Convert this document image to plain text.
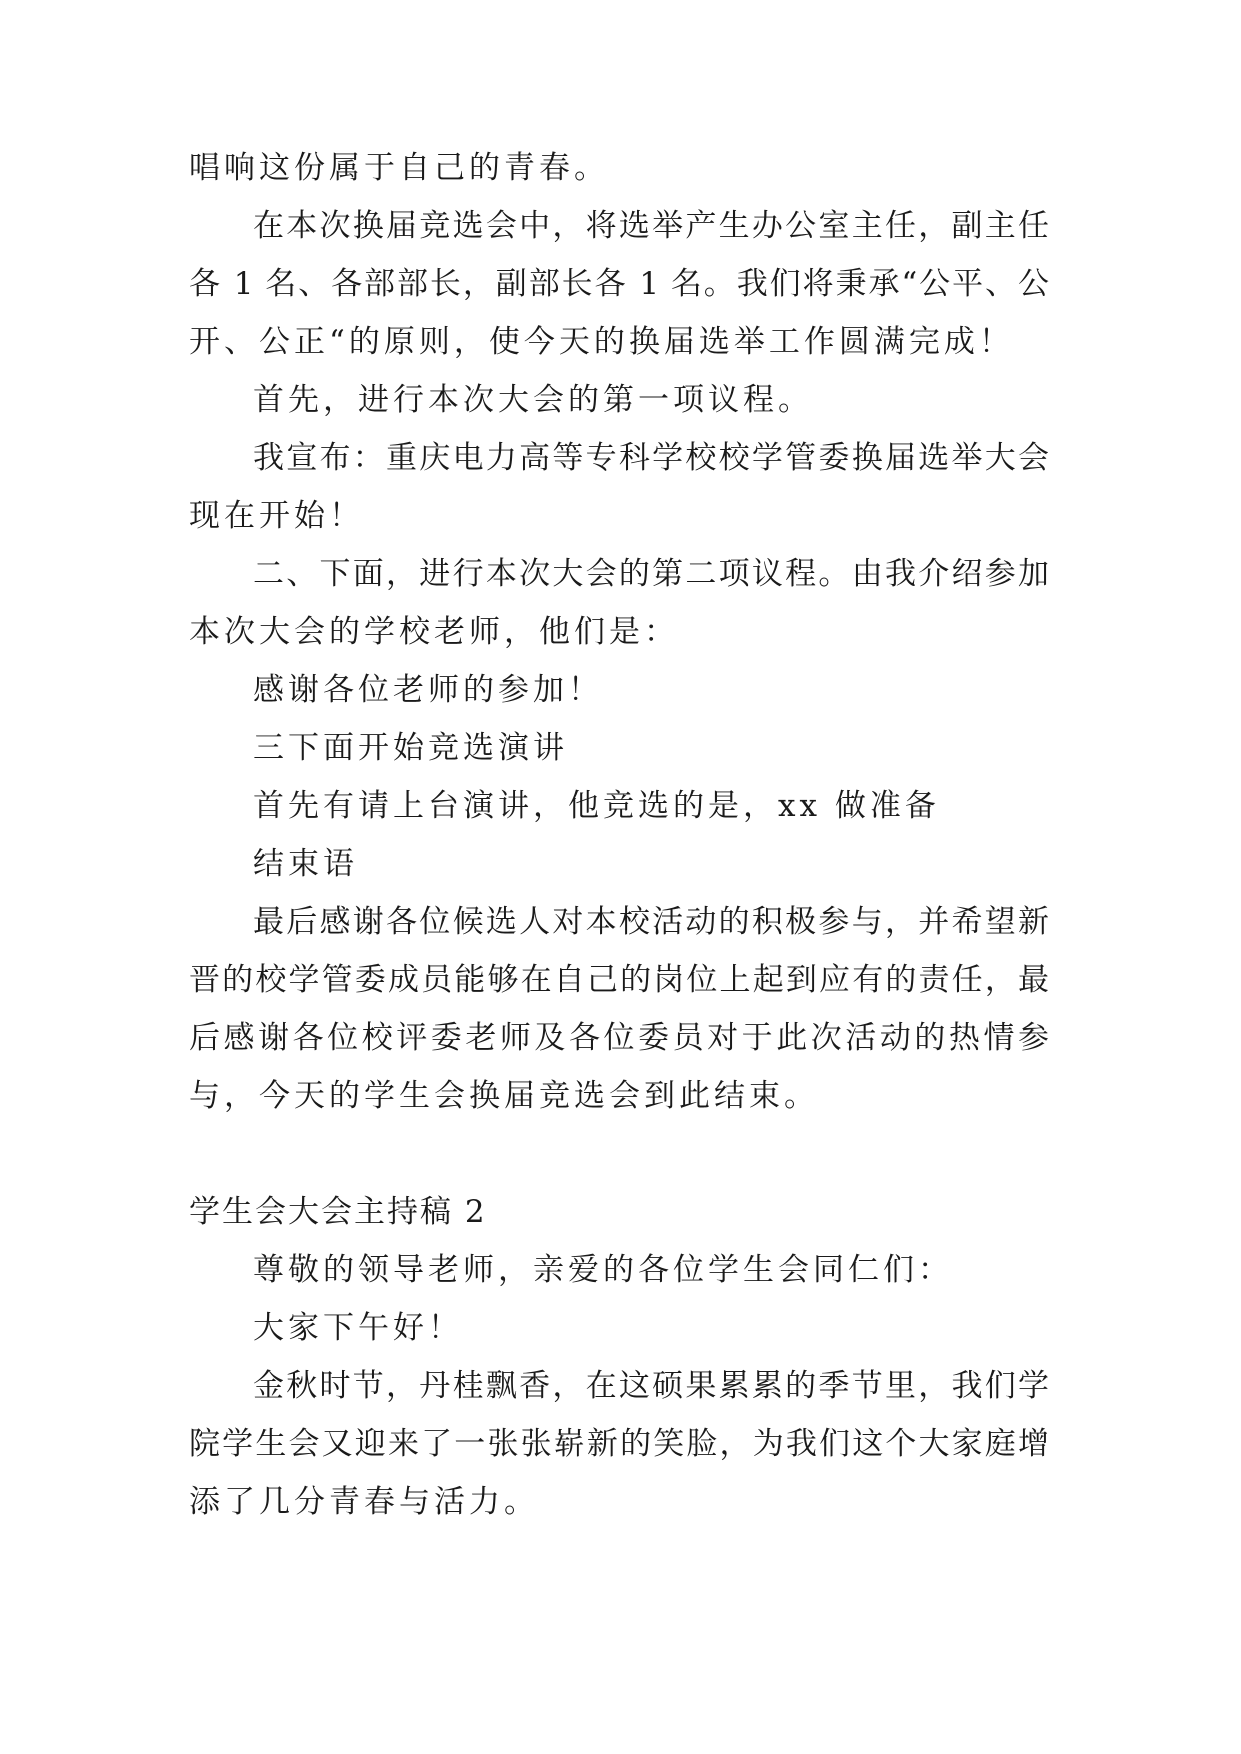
唱响这份属于自己的青春。
在本次换届竞选会中，将选举产生办公室主任，副主任
各 1 名、各部部长，副部长各 1 名。我们将秉承“公平、公
开、公正“的原则，使今天的换届选举工作圆满完成！
首先，进行本次大会的第一项议程。
我宣布：重庆电力高等专科学校校学管委换届选举大会
现在开始！
二、下面，进行本次大会的第二项议程。由我介绍参加
本次大会的学校老师，他们是：
感谢各位老师的参加！
三下面开始竞选演讲
首先有请上台演讲，他竞选的是，xx 做准备
结束语
最后感谢各位候选人对本校活动的积极参与，并希望新
晋的校学管委成员能够在自己的岗位上起到应有的责任，最
后感谢各位校评委老师及各位委员对于此次活动的热情参
与，今天的学生会换届竞选会到此结束。
学生会大会主持稿 2
尊敬的领导老师，亲爱的各位学生会同仁们：
大家下午好！
金秋时节，丹桂飘香，在这硕果累累的季节里，我们学
院学生会又迎来了一张张崭新的笑脸，为我们这个大家庭增
添了几分青春与活力。
